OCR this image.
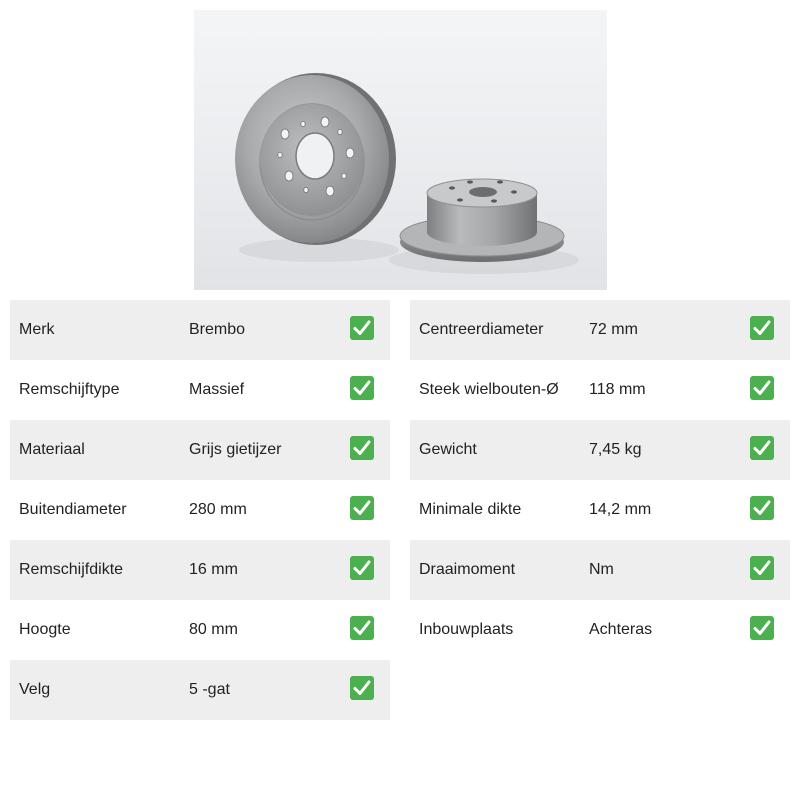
Merk	Brembo
Remschijftype	Massief
Materiaal	Grijs gietijzer
Buitendiameter	280 mm
Remschijfdikte	16 mm
Hoogte	80 mm
Velg	5 -gat
Centreerdiameter	72 mm
Steek wielbouten-Ø 118 mm
Gewicht	7,45 kg
Minimale dikte	14,2 mm
Draaimoment	Nm
Inbouwplaats	Achteras
